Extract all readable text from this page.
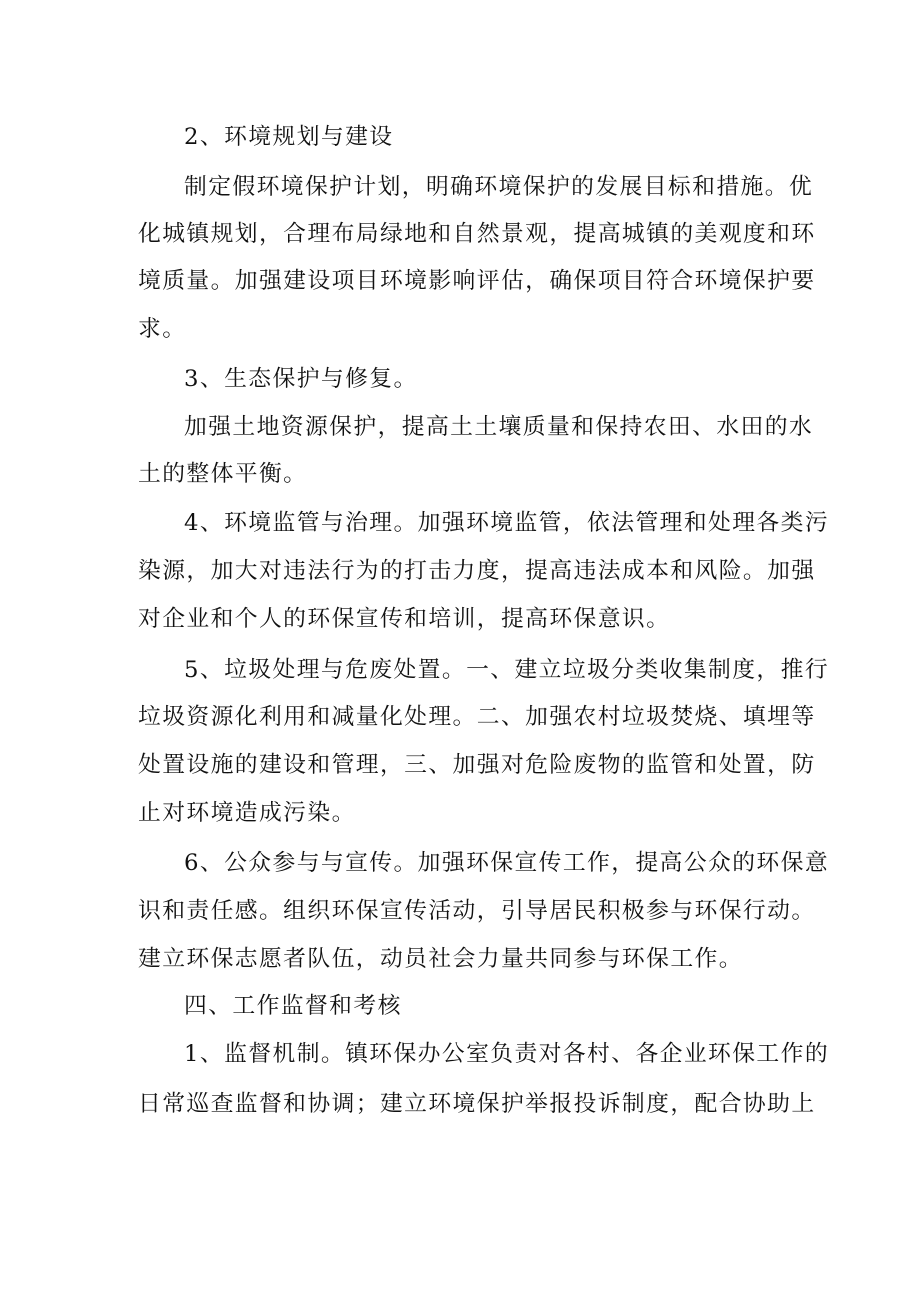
2、环境规划与建设
制定假环境保护计划，明确环境保护的发展目标和措施。优
化城镇规划，合理布局绿地和自然景观，提高城镇的美观度和环
境质量。加强建设项目环境影响评估，确保项目符合环境保护要
求。
3、生态保护与修复。
加强土地资源保护，提高土土壤质量和保持农田、水田的水
土的整体平衡。
4、环境监管与治理。加强环境监管，依法管理和处理各类污
染源，加大对违法行为的打击力度，提高违法成本和风险。加强
对企业和个人的环保宣传和培训，提高环保意识。
5、垃圾处理与危废处置。一、建立垃圾分类收集制度，推行
垃圾资源化利用和减量化处理。二、加强农村垃圾焚烧、填埋等
处置设施的建设和管理，三、加强对危险废物的监管和处置，防
止对环境造成污染。
6、公众参与与宣传。加强环保宣传工作，提高公众的环保意
识和责任感。组织环保宣传活动，引导居民积极参与环保行动。
建立环保志愿者队伍，动员社会力量共同参与环保工作。
四、工作监督和考核
1、监督机制。镇环保办公室负责对各村、各企业环保工作的
日常巡查监督和协调；建立环境保护举报投诉制度，配合协助上
